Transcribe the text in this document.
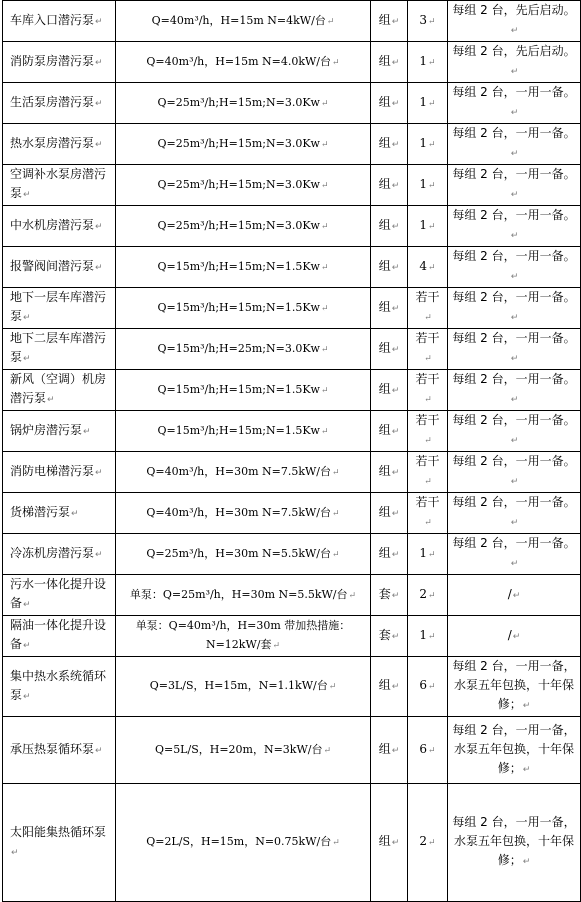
车库入口潜污泵↵	Q=40m³/h，H=15m N=4kW/台↵	组↵	3↵	每组 2 台，先后启动。↵
消防泵房潜污泵↵	Q=40m³/h，H=15m N=4.0kW/台↵	组↵	1↵	每组 2 台，先后启动。↵
生活泵房潜污泵↵	Q=25m³/h;H=15m;N=3.0Kw↵	组↵	1↵	每组 2 台，一用一备。↵
热水泵房潜污泵↵	Q=25m³/h;H=15m;N=3.0Kw↵	组↵	1↵	每组 2 台，一用一备。↵
空调补水泵房潜污泵↵	Q=25m³/h;H=15m;N=3.0Kw↵	组↵	1↵	每组 2 台，一用一备。↵
中水机房潜污泵↵	Q=25m³/h;H=15m;N=3.0Kw↵	组↵	1↵	每组 2 台，一用一备。↵
报警阀间潜污泵↵	Q=15m³/h;H=15m;N=1.5Kw↵	组↵	4↵	每组 2 台，一用一备。↵
地下一层车库潜污泵↵	Q=15m³/h;H=15m;N=1.5Kw↵	组↵	若干↵	每组 2 台，一用一备。↵
地下二层车库潜污泵↵	Q=15m³/h;H=25m;N=3.0Kw↵	组↵	若干↵	每组 2 台，一用一备。↵
新风（空调）机房潜污泵↵	Q=15m³/h;H=15m;N=1.5Kw↵	组↵	若干↵	每组 2 台，一用一备。↵
锅炉房潜污泵↵	Q=15m³/h;H=15m;N=1.5Kw↵	组↵	若干↵	每组 2 台，一用一备。↵
消防电梯潜污泵↵	Q=40m³/h，H=30m N=7.5kW/台↵	组↵	若干↵	每组 2 台，一用一备。↵
货梯潜污泵↵	Q=40m³/h，H=30m N=7.5kW/台↵	组↵	若干↵	每组 2 台，一用一备。↵
冷冻机房潜污泵↵	Q=25m³/h，H=30m N=5.5kW/台↵	组↵	1↵	每组 2 台，一用一备。↵
污水一体化提升设备↵	单泵：Q=25m³/h，H=30m N=5.5kW/台↵	套↵	2↵	/↵
隔油一体化提升设备↵	单泵：Q=40m³/h，H=30m 带加热措施：N=12kW/套↵	套↵	1↵	/↵
集中热水系统循环泵↵	Q=3L/S，H=15m，N=1.1kW/台↵	组↵	6↵	每组 2 台，一用一备，水泵五年包换，十年保修；↵
承压热泵循环泵↵	Q=5L/S，H=20m，N=3kW/台↵	组↵	6↵	每组 2 台，一用一备，水泵五年包换，十年保修；↵
太阳能集热循环泵↵	Q=2L/S，H=15m，N=0.75kW/台↵	组↵	2↵	每组 2 台，一用一备，水泵五年包换，十年保修；↵
